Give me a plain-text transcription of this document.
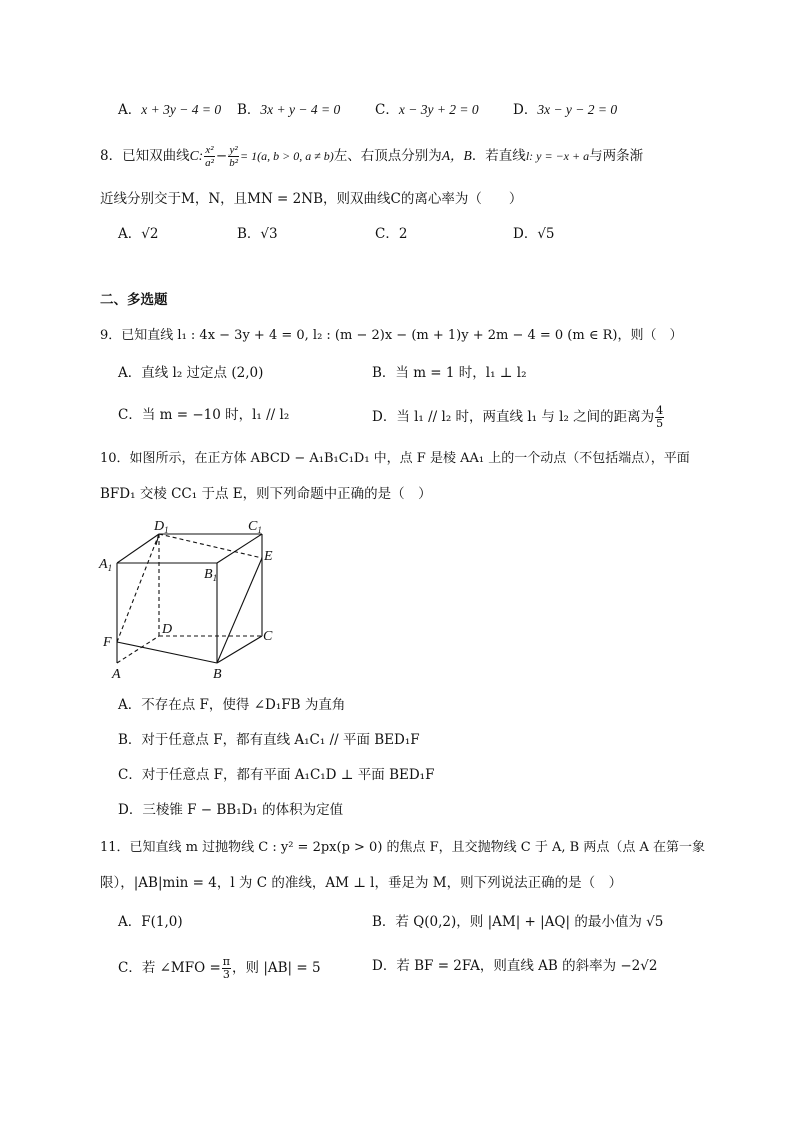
A．x + 3y − 4 = 0 B．3x + y − 4 = 0	C．x − 3y + 2 = 0	D．3x − y − 2 = 0
8．已知双曲线C: $\frac{\text{x²}}{\text{a²}} - \frac{\text{y²}}{\text{b²}} = 1(a$, b > 0, a ≠ b)左、右顶点分别为A，B．若直线l: y = −x + a与两条渐
近线分别交于M，N，且MN = 2NB，则双曲线C的离心率为（　　）
A．√2	B．√3	C．2	D．√5
二、多选题
9．已知直线 l₁ : 4x − 3y + 4 = 0, l₂ : (m − 2)x − (m + 1)y + 2m − 4 = 0 (m ∈ R)，则（　）
A．直线 l₂ 过定点 (2,0)	B．当 m = 1 时，l₁ ⊥ l₂
C．当 m = −10 时，l₁ // l₂	D．当 l₁ // l₂ 时，两直线 l₁ 与 l₂ 之间的距离为 $\frac{4}{5}$
10．如图所示，在正方体 ABCD − A₁B₁C₁D₁ 中，点 F 是棱 AA₁ 上的一个动点（不包括端点），平面
BFD₁ 交棱 CC₁ 于点 E，则下列命题中正确的是（　）
$D_1$	$C_1$
$A_1$	$B_1$
E
D	C
F
A	B
A．不存在点 F，使得 ∠D₁FB 为直角
B．对于任意点 F，都有直线 A₁C₁ // 平面 BED₁F
C．对于任意点 F，都有平面 A₁C₁D ⊥ 平面 BED₁F
D．三棱锥 F − BB₁D₁ 的体积为定值
11．已知直线 m 过抛物线 C : y² = 2px(p > 0) 的焦点 F，且交抛物线 C 于 A, B 两点（点 A 在第一象
限），|AB|min = 4，l 为 C 的准线，AM ⊥ l，垂足为 M，则下列说法正确的是（　）
A．F(1,0)	B．若 Q(0,2)，则 |AM| + |AQ| 的最小值为 √5
C．若 ∠MFO = $\frac{\pi}{3}$ ，则 |AB| = 5	D．若 BF = 2FA，则直线 AB 的斜率为 −2√2
